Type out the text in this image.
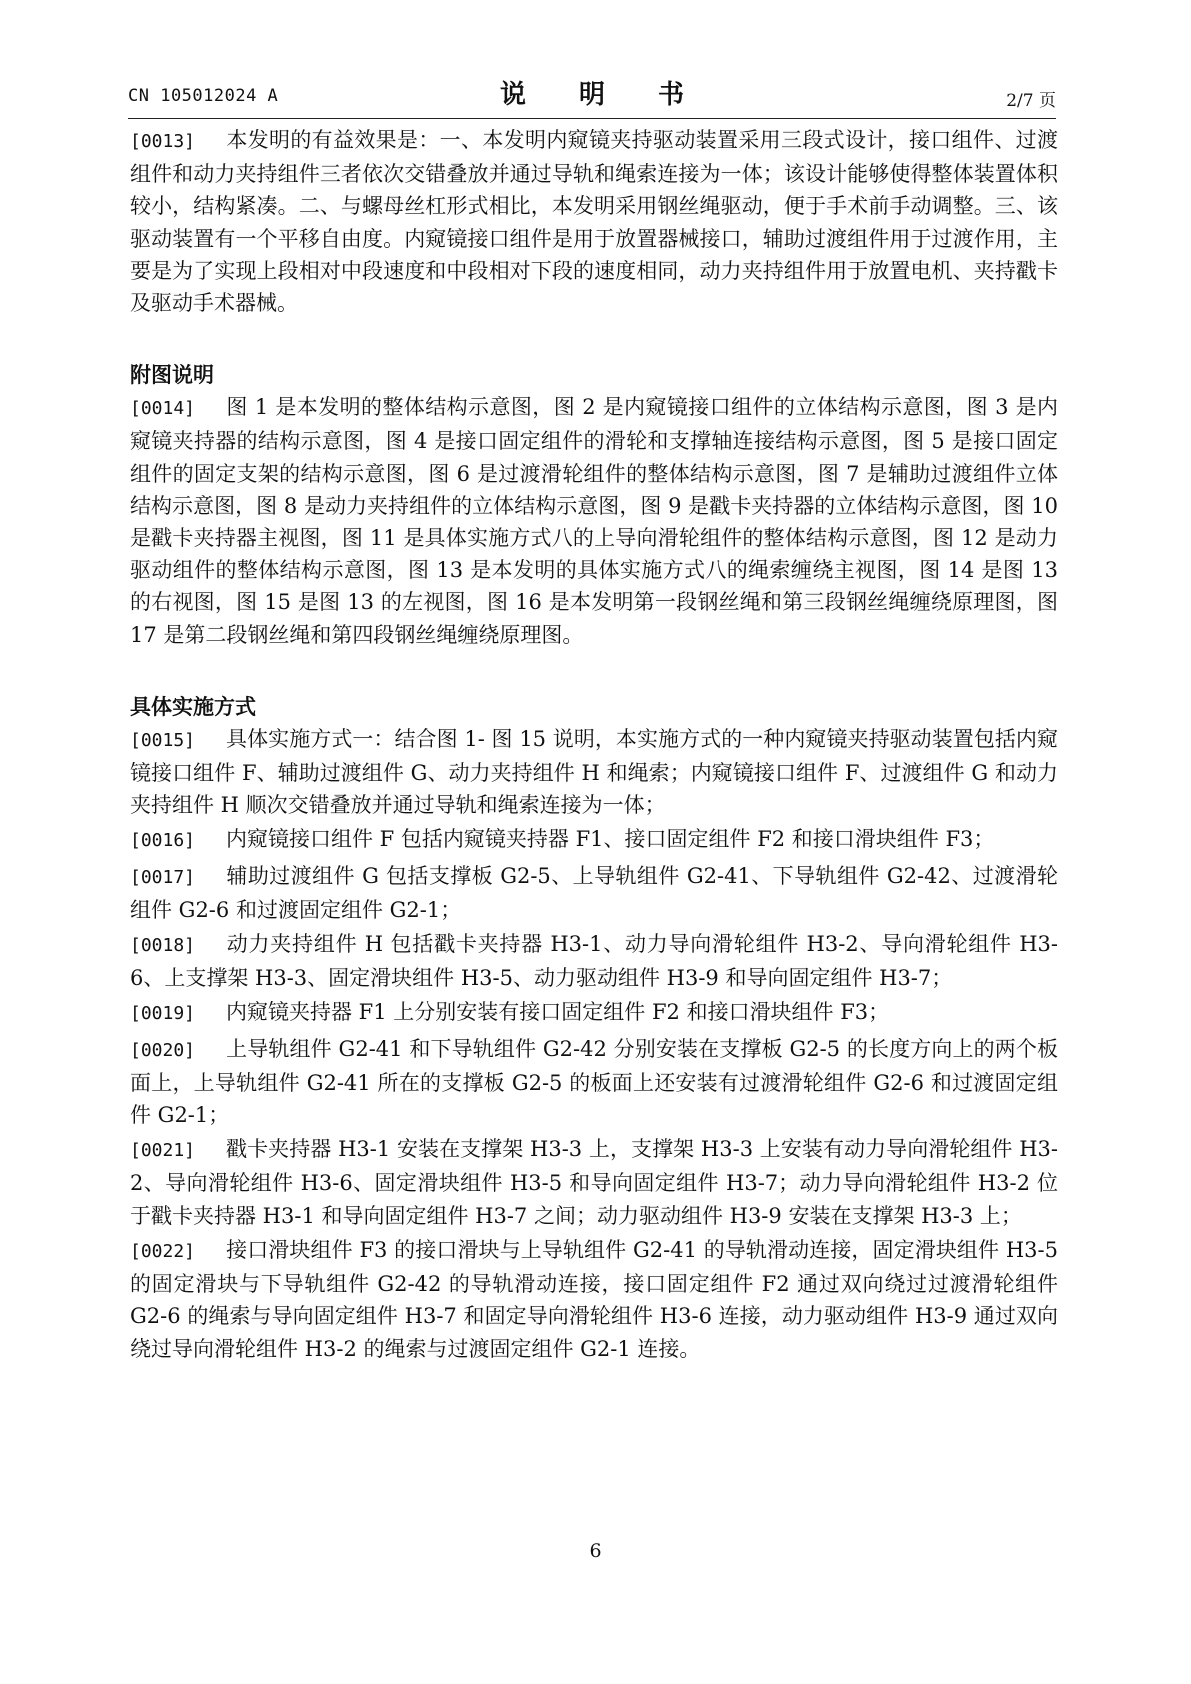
CN 105012024 A	说 明 书	2/7 页

[0013] 本发明的有益效果是：一、本发明内窥镜夹持驱动装置采用三段式设计，接口组件、过渡组件和动力夹持组件三者依次交错叠放并通过导轨和绳索连接为一体；该设计能够使得整体装置体积较小，结构紧凑。二、与螺母丝杠形式相比，本发明采用钢丝绳驱动，便于手术前手动调整。三、该驱动装置有一个平移自由度。内窥镜接口组件是用于放置器械接口，辅助过渡组件用于过渡作用，主要是为了实现上段相对中段速度和中段相对下段的速度相同，动力夹持组件用于放置电机、夹持戳卡及驱动手术器械。

附图说明

[0014] 图 1 是本发明的整体结构示意图，图 2 是内窥镜接口组件的立体结构示意图，图 3 是内窥镜夹持器的结构示意图，图 4 是接口固定组件的滑轮和支撑轴连接结构示意图，图 5 是接口固定组件的固定支架的结构示意图，图 6 是过渡滑轮组件的整体结构示意图，图 7 是辅助过渡组件立体结构示意图，图 8 是动力夹持组件的立体结构示意图，图 9 是戳卡夹持器的立体结构示意图，图 10 是戳卡夹持器主视图，图 11 是具体实施方式八的上导向滑轮组件的整体结构示意图，图 12 是动力驱动组件的整体结构示意图，图 13 是本发明的具体实施方式八的绳索缠绕主视图，图 14 是图 13 的右视图，图 15 是图 13 的左视图，图 16 是本发明第一段钢丝绳和第三段钢丝绳缠绕原理图，图 17 是第二段钢丝绳和第四段钢丝绳缠绕原理图。

具体实施方式

[0015] 具体实施方式一：结合图 1- 图 15 说明，本实施方式的一种内窥镜夹持驱动装置包括内窥镜接口组件 F、辅助过渡组件 G、动力夹持组件 H 和绳索；内窥镜接口组件 F、过渡组件 G 和动力夹持组件 H 顺次交错叠放并通过导轨和绳索连接为一体；

[0016] 内窥镜接口组件 F 包括内窥镜夹持器 F1、接口固定组件 F2 和接口滑块组件 F3；

[0017] 辅助过渡组件 G 包括支撑板 G2-5、上导轨组件 G2-41、下导轨组件 G2-42、过渡滑轮组件 G2-6 和过渡固定组件 G2-1；

[0018] 动力夹持组件 H 包括戳卡夹持器 H3-1、动力导向滑轮组件 H3-2、导向滑轮组件 H3-6、上支撑架 H3-3、固定滑块组件 H3-5、动力驱动组件 H3-9 和导向固定组件 H3-7；

[0019] 内窥镜夹持器 F1 上分别安装有接口固定组件 F2 和接口滑块组件 F3；

[0020] 上导轨组件 G2-41 和下导轨组件 G2-42 分别安装在支撑板 G2-5 的长度方向上的两个板面上，上导轨组件 G2-41 所在的支撑板 G2-5 的板面上还安装有过渡滑轮组件 G2-6 和过渡固定组件 G2-1；

[0021] 戳卡夹持器 H3-1 安装在支撑架 H3-3 上，支撑架 H3-3 上安装有动力导向滑轮组件 H3-2、导向滑轮组件 H3-6、固定滑块组件 H3-5 和导向固定组件 H3-7；动力导向滑轮组件 H3-2 位于戳卡夹持器 H3-1 和导向固定组件 H3-7 之间；动力驱动组件 H3-9 安装在支撑架 H3-3 上；

[0022] 接口滑块组件 F3 的接口滑块与上导轨组件 G2-41 的导轨滑动连接，固定滑块组件 H3-5 的固定滑块与下导轨组件 G2-42 的导轨滑动连接，接口固定组件 F2 通过双向绕过过渡滑轮组件 G2-6 的绳索与导向固定组件 H3-7 和固定导向滑轮组件 H3-6 连接，动力驱动组件 H3-9 通过双向绕过导向滑轮组件 H3-2 的绳索与过渡固定组件 G2-1 连接。

6
